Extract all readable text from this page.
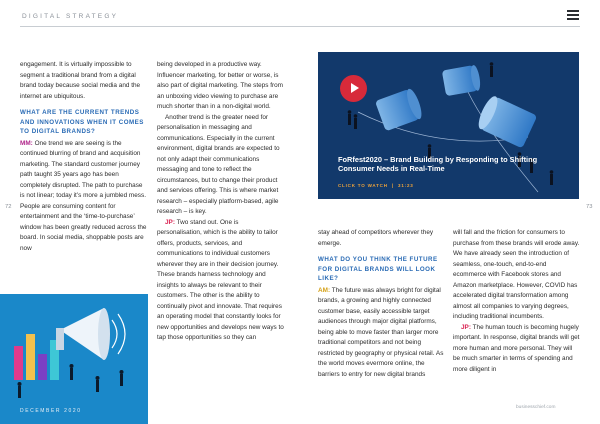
DIGITAL STRATEGY

engagement. It is virtually impossible to segment a traditional brand from a digital brand today because social media and the internet are ubiquitous.

WHAT ARE THE CURRENT TRENDS AND INNOVATIONS WHEN IT COMES TO DIGITAL BRANDS?

MM: One trend we are seeing is the continued blurring of brand and acquisition marketing. The standard customer journey path taught 35 years ago has been completely disrupted. The path to purchase is not linear; today it’s more a jumbled mess. People are consuming content for entertainment and the ‘time-to-purchase’ window has been greatly reduced across the board. In social media, shoppable posts are now

being developed in a productive way. Influencer marketing, for better or worse, is also part of digital marketing. The steps from an unboxing video viewing to purchase are much shorter than in a non-digital world.

Another trend is the greater need for personalisation in messaging and communications. Especially in the current environment, digital brands are expected to not only adapt their communications messaging and tone to reflect the circumstances, but to change their product and services offering. This is where market research – especially platform-based, agile research – is key.

JP: Two stand out. One is personalisation, which is the ability to tailor offers, products, services, and communications to individual customers wherever they are in their decision journey. These brands harness technology and insights to always be relevant to their customers. The other is the ability to continually pivot and innovate. That requires an operating model that constantly looks for new opportunities and develops new ways to tap those opportunities so they can

72	73
FoRfest2020 – Brand Building by Responding to Shifting Consumer Needs in Real-Time
CLICK TO WATCH  |  31:23

stay ahead of competitors wherever they emerge.

WHAT DO YOU THINK THE FUTURE FOR DIGITAL BRANDS WILL LOOK LIKE?

AM: The future was always bright for digital brands, a growing and highly connected customer base, easily accessible target audiences through major digital platforms, being able to move faster than larger more traditional competitors and not being restricted by geography or physical retail. As the world moves evermore online, the barriers to entry for new digital brands

will fall and the friction for consumers to purchase from these brands will erode away. We have already seen the introduction of seamless, one-touch, end-to-end ecommerce with Facebook stores and Amazon marketplace. However, COVID has accelerated digital transformation among almost all companies to varying degrees, including traditional incumbents.

JP: The human touch is becoming hugely important. In response, digital brands will get more human and more personal. They will be much smarter in terms of spending and more diligent in

DECEMBER 2020
businesschief.com
